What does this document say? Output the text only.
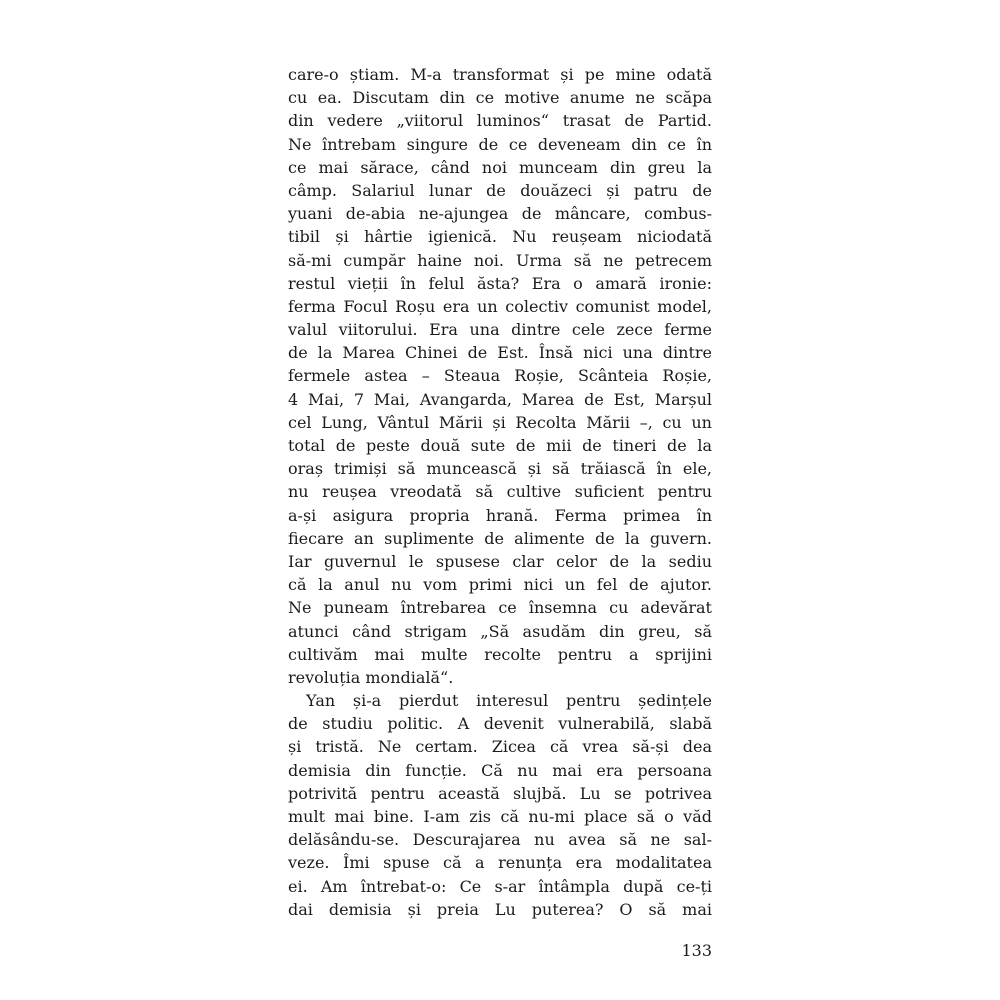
care-o știam. M-a transformat și pe mine odată
cu ea. Discutam din ce motive anume ne scăpa
din vedere „viitorul luminos“ trasat de Partid.
Ne întrebam singure de ce deveneam din ce în
ce mai sărace, când noi munceam din greu la
câmp. Salariul lunar de douăzeci și patru de
yuani de-abia ne-ajungea de mâncare, combus-
tibil și hârtie igienică. Nu reușeam niciodată
să-mi cumpăr haine noi. Urma să ne petrecem
restul vieții în felul ăsta? Era o amară ironie:
ferma Focul Roșu era un colectiv comunist model,
valul viitorului. Era una dintre cele zece ferme
de la Marea Chinei de Est. Însă nici una dintre
fermele astea – Steaua Roșie, Scânteia Roșie,
4 Mai, 7 Mai, Avangarda, Marea de Est, Marșul
cel Lung, Vântul Mării și Recolta Mării –, cu un
total de peste două sute de mii de tineri de la
oraș trimiși să muncească și să trăiască în ele,
nu reușea vreodată să cultive suficient pentru
a-și asigura propria hrană. Ferma primea în
fiecare an suplimente de alimente de la guvern.
Iar guvernul le spusese clar celor de la sediu
că la anul nu vom primi nici un fel de ajutor.
Ne puneam întrebarea ce însemna cu adevărat
atunci când strigam „Să asudăm din greu, să
cultivăm mai multe recolte pentru a sprijini
revoluția mondială“.
Yan și-a pierdut interesul pentru ședințele
de studiu politic. A devenit vulnerabilă, slabă
și tristă. Ne certam. Zicea că vrea să-și dea
demisia din funcție. Că nu mai era persoana
potrivită pentru această slujbă. Lu se potrivea
mult mai bine. I-am zis că nu-mi place să o văd
delăsându-se. Descurajarea nu avea să ne sal-
veze. Îmi spuse că a renunța era modalitatea
ei. Am întrebat-o: Ce s-ar întâmpla după ce-ți
dai demisia și preia Lu puterea? O să mai
133
